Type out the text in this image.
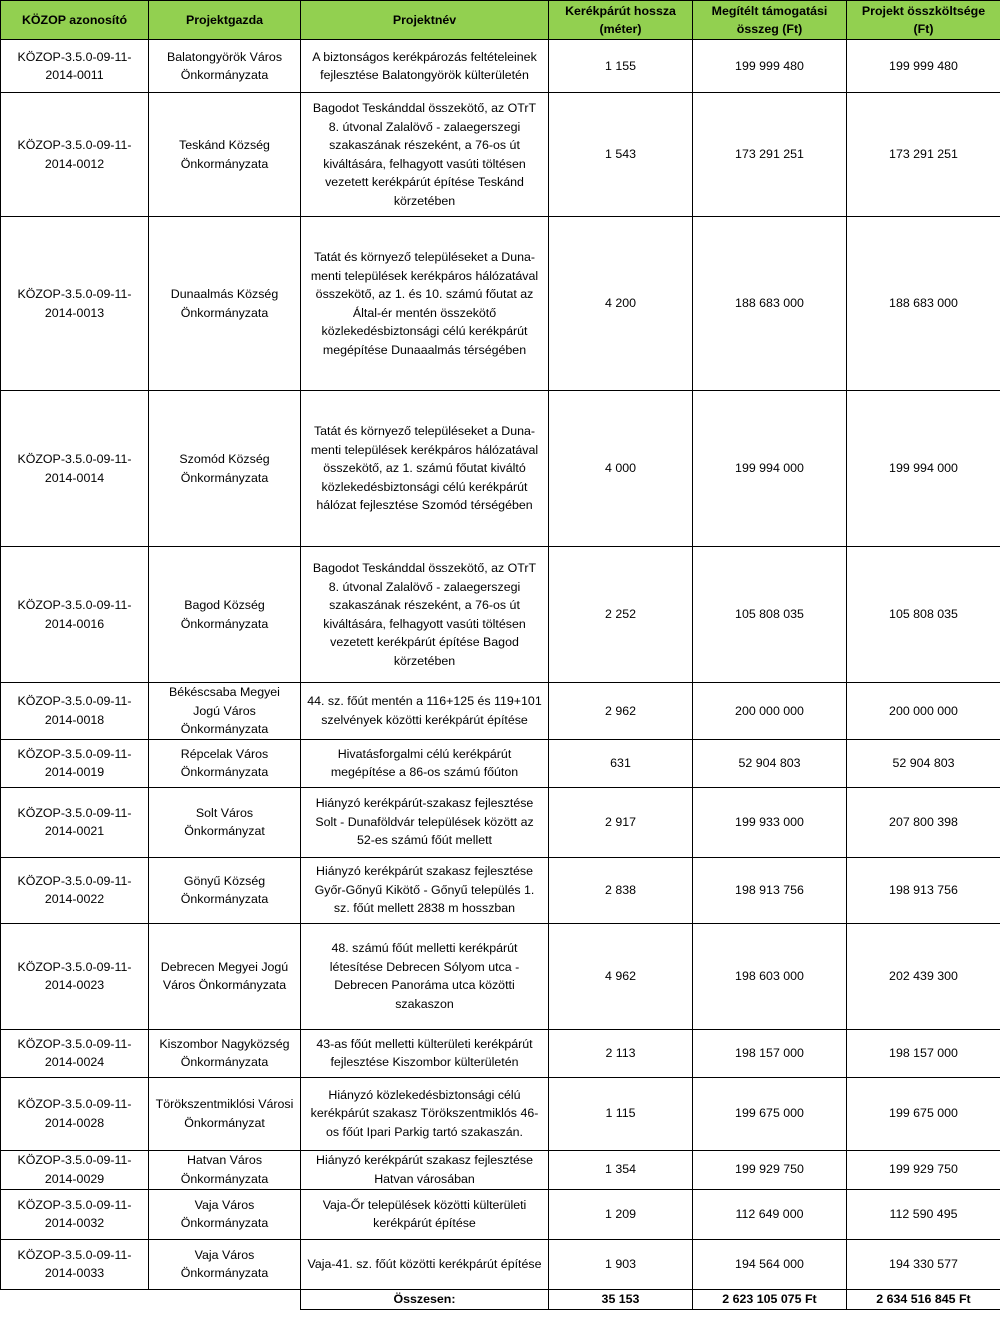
KÖZOP azonosító	Projektgazda	Projektnév	Kerékpárút hossza (méter)	Megítélt támogatási összeg (Ft)	Projekt összköltsége (Ft)
KÖZOP-3.5.0-09-11-2014-0011	Balatongyörök Város Önkormányzata	A biztonságos kerékpározás feltételeinek fejlesztése Balatongyörök külterületén	1 155	199 999 480	199 999 480
KÖZOP-3.5.0-09-11-2014-0012	Teskánd Község Önkormányzata	Bagodot Teskánddal összekötő, az OTrT 8. útvonal Zalalövő - zalaegerszegi szakaszának részeként, a 76-os út kiváltására, felhagyott vasúti töltésen vezetett kerékpárút építése Teskánd körzetében	1 543	173 291 251	173 291 251
KÖZOP-3.5.0-09-11-2014-0013	Dunaalmás Község Önkormányzata	Tatát és környező településeket a Duna-menti települések kerékpáros hálózatával összekötő, az 1. és 10. számú főutat az Által-ér mentén összekötő közlekedésbiztonsági célú kerékpárút megépítése Dunaaalmás térségében	4 200	188 683 000	188 683 000
KÖZOP-3.5.0-09-11-2014-0014	Szomód Község Önkormányzata	Tatát és környező településeket a Duna-menti települések kerékpáros hálózatával összekötő, az 1. számú főutat kiváltó közlekedésbiztonsági célú kerékpárút hálózat fejlesztése Szomód térségében	4 000	199 994 000	199 994 000
KÖZOP-3.5.0-09-11-2014-0016	Bagod Község Önkormányzata	Bagodot Teskánddal összekötő, az OTrT 8. útvonal Zalalövő - zalaegerszegi szakaszának részeként, a 76-os út kiváltására, felhagyott vasúti töltésen vezetett kerékpárút építése Bagod körzetében	2 252	105 808 035	105 808 035
KÖZOP-3.5.0-09-11-2014-0018	Békéscsaba Megyei Jogú Város Önkormányzata	44. sz. főút mentén a 116+125 és 119+101 szelvények közötti kerékpárút építése	2 962	200 000 000	200 000 000
KÖZOP-3.5.0-09-11-2014-0019	Répcelak Város Önkormányzata	Hivatásforgalmi célú kerékpárút megépítése a 86-os számú főúton	631	52 904 803	52 904 803
KÖZOP-3.5.0-09-11-2014-0021	Solt Város Önkormányzat	Hiányzó kerékpárút-szakasz fejlesztése Solt - Dunaföldvár települések között az 52-es számú főút mellett	2 917	199 933 000	207 800 398
KÖZOP-3.5.0-09-11-2014-0022	Gönyű Község Önkormányzata	Hiányzó kerékpárút szakasz fejlesztése Győr-Gőnyű Kikötő - Gőnyű település 1. sz. főút mellett 2838 m hosszban	2 838	198 913 756	198 913 756
KÖZOP-3.5.0-09-11-2014-0023	Debrecen Megyei Jogú Város Önkormányzata	48. számú főút melletti kerékpárút létesítése Debrecen Sólyom utca - Debrecen Panoráma utca közötti szakaszon	4 962	198 603 000	202 439 300
KÖZOP-3.5.0-09-11-2014-0024	Kiszombor Nagyközség Önkormányzata	43-as főút melletti külterületi kerékpárút fejlesztése Kiszombor külterületén	2 113	198 157 000	198 157 000
KÖZOP-3.5.0-09-11-2014-0028	Törökszentmiklósi Városi Önkormányzat	Hiányzó közlekedésbiztonsági célú kerékpárút szakasz Törökszentmiklós 46-os főút Ipari Parkig tartó szakaszán.	1 115	199 675 000	199 675 000
KÖZOP-3.5.0-09-11-2014-0029	Hatvan Város Önkormányzata	Hiányzó kerékpárút szakasz fejlesztése Hatvan városában	1 354	199 929 750	199 929 750
KÖZOP-3.5.0-09-11-2014-0032	Vaja Város Önkormányzata	Vaja-Őr települések közötti külterületi kerékpárút építése	1 209	112 649 000	112 590 495
KÖZOP-3.5.0-09-11-2014-0033	Vaja Város Önkormányzata	Vaja-41. sz. főút közötti kerékpárút építése	1 903	194 564 000	194 330 577
		Összesen:	35 153	2 623 105 075 Ft	2 634 516 845 Ft
